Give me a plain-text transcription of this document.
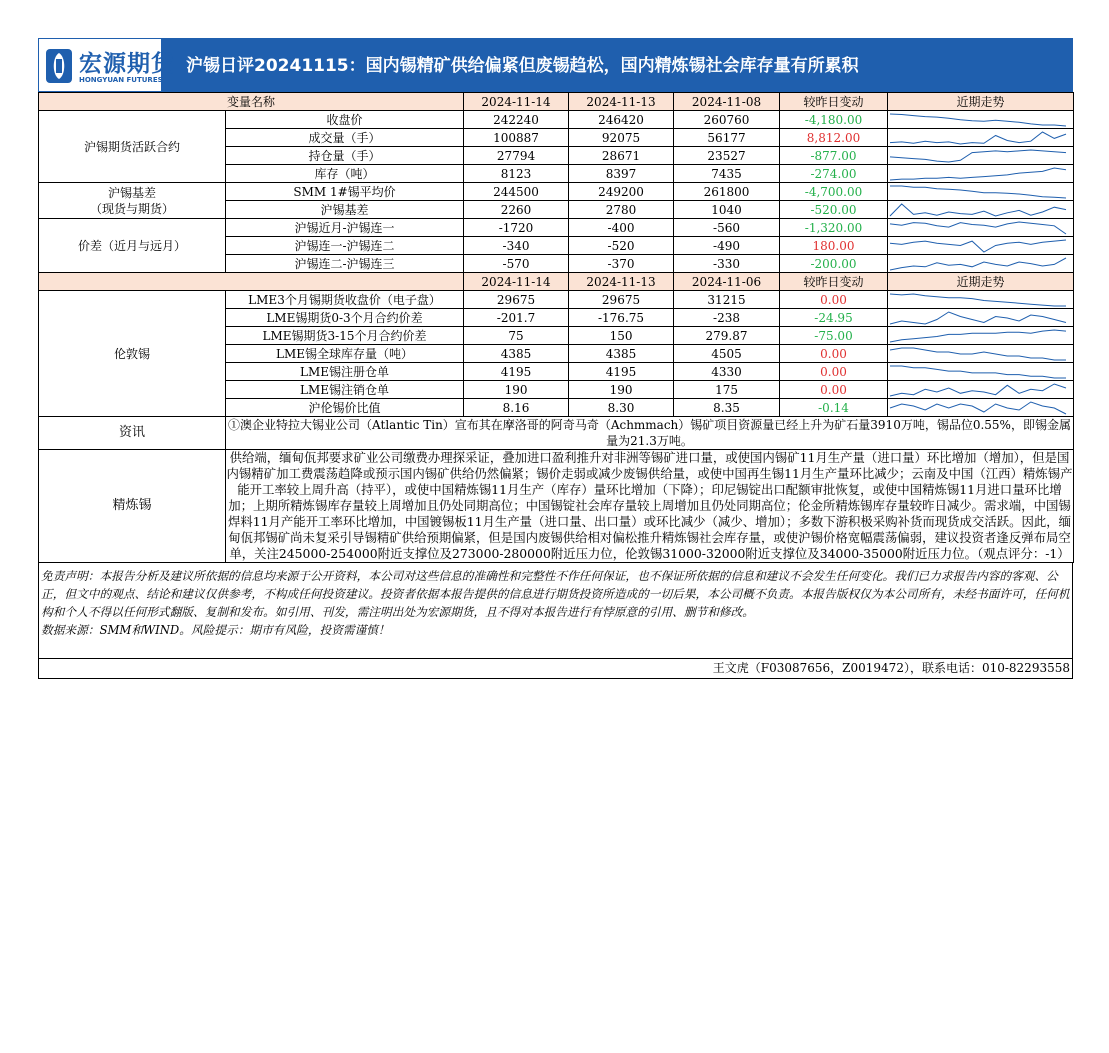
宏源期货
HONGYUAN FUTURES
沪锡日评20241115：国内锡精矿供给偏紧但废锡趋松，国内精炼锡社会库存量有所累积
变量名称		2024-11-14	2024-11-13	2024-11-08	较昨日变动	近期走势
沪锡期货活跃合约	收盘价	242240	246420	260760	-4,180.00	

	成交量（手）	100887	92075	56177	8,812.00	

	持仓量（手）	27794	28671	23527	-877.00	

	库存（吨）	8123	8397	7435	-274.00	

沪锡基差
（现货与期货）	SMM 1#锡平均价	244500	249200	261800	-4,700.00	

	沪锡基差	2260	2780	1040	-520.00	

价差（近月与远月）	沪锡近月-沪锡连一	-1720	-400	-560	-1,320.00	

	沪锡连一-沪锡连二	-340	-520	-490	180.00	

	沪锡连二-沪锡连三	-570	-370	-330	-200.00	

		2024-11-14	2024-11-13	2024-11-06	较昨日变动	近期走势
伦敦锡	LME3个月锡期货收盘价（电子盘）	29675	29675	31215	0.00	

	LME锡期货0-3个月合约价差	-201.7	-176.75	-238	-24.95	

	LME锡期货3-15个月合约价差	75	150	279.87	-75.00	

	LME锡全球库存量（吨）	4385	4385	4505	0.00	

	LME锡注册仓单	4195	4195	4330	0.00	

	LME锡注销仓单	190	190	175	0.00	

	沪伦锡价比值	8.16	8.30	8.35	-0.14	

资讯	①澳企业特拉大锡业公司（Atlantic Tin）宣布其在摩洛哥的阿奇马奇（Achmmach）锡矿项目资源量已经上升为矿石量3910万吨，锡品位0.55%，即锡金属量为21.3万吨。					
精炼锡	供给端，缅甸佤邦要求矿业公司缴费办理探采证，叠加进口盈利推升对非洲等锡矿进口量，或使国内锡矿11月生产量（进口量）环比增加（增加），但是国内锡精矿加工费震荡趋降或预示国内锡矿供给仍然偏紧；锡价走弱或减少废锡供给量，或使中国再生锡11月生产量环比减少；云南及中国（江西）精炼锡产能开工率较上周升高（持平），或使中国精炼锡11月生产（库存）量环比增加（下降）；印尼锡锭出口配额审批恢复，或使中国精炼锡11月进口量环比增加；上期所精炼锡库存量较上周增加且仍处同期高位；中国锡锭社会库存量较上周增加且仍处同期高位；伦金所精炼锡库存量较昨日减少。需求端，中国锡焊料11月产能开工率环比增加，中国镀锡板11月生产量（进口量、出口量）或环比减少（减少、增加）；多数下游积极采购补货而现货成交活跃。因此，缅甸佤邦锡矿尚未复采引导锡精矿供给预期偏紧，但是国内废锡供给相对偏松推升精炼锡社会库存量，或使沪锡价格宽幅震荡偏弱，建议投资者逢反弹布局空单，关注245000-254000附近支撑位及273000-280000附近压力位，伦敦锡31000-32000附近支撑位及34000-35000附近压力位。（观点评分：-1）					
免责声明：本报告分析及建议所依据的信息均来源于公开资料，本公司对这些信息的准确性和完整性不作任何保证，也不保证所依据的信息和建议不会发生任何变化。我们已力求报告内容的客观、公正，但文中的观点、结论和建议仅供参考，不构成任何投资建议。投资者依据本报告提供的信息进行期货投资所造成的一切后果，本公司概不负责。本报告版权仅为本公司所有，未经书面许可，任何机构和个人不得以任何形式翻版、复制和发布。如引用、刊发，需注明出处为宏源期货，且不得对本报告进行有悖原意的引用、删节和修改。
数据来源：SMM和WIND。风险提示：期市有风险，投资需谨慎！
王文虎（F03087656，Z0019472），联系电话：010-82293558
